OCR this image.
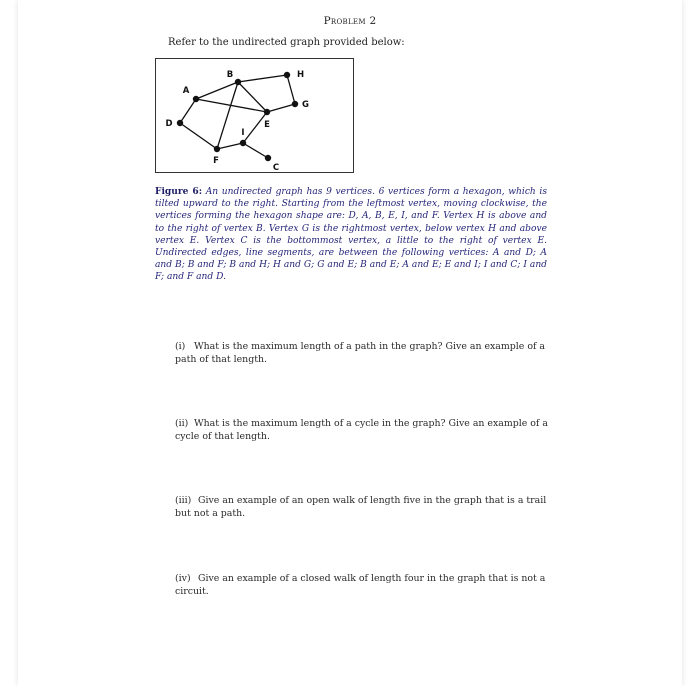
Problem 2
Refer to the undirected graph provided below:
A
B	H
G
E
D
F
I
C
Figure 6: An undirected graph has 9 vertices. 6 vertices form a hexagon, which is tilted upward to the right. Starting from the leftmost vertex, moving clockwise, the vertices forming the hexagon shape are: D, A, B, E, I, and F. Vertex H is above and to the right of vertex B. Vertex G is the rightmost vertex, below vertex H and above vertex E. Vertex C is the bottommost vertex, a little to the right of vertex E. Undirected edges, line segments, are between the following vertices: A and D; A and B; B and F; B and H; H and G; G and E; B and E; A and E; E and I; I and C; I and F; and F and D.
(i) What is the maximum length of a path in the graph? Give an example of a path of that length.
(ii) What is the maximum length of a cycle in the graph? Give an example of a cycle of that length.
(iii) Give an example of an open walk of length five in the graph that is a trail but not a path.
(iv) Give an example of a closed walk of length four in the graph that is not a circuit.
